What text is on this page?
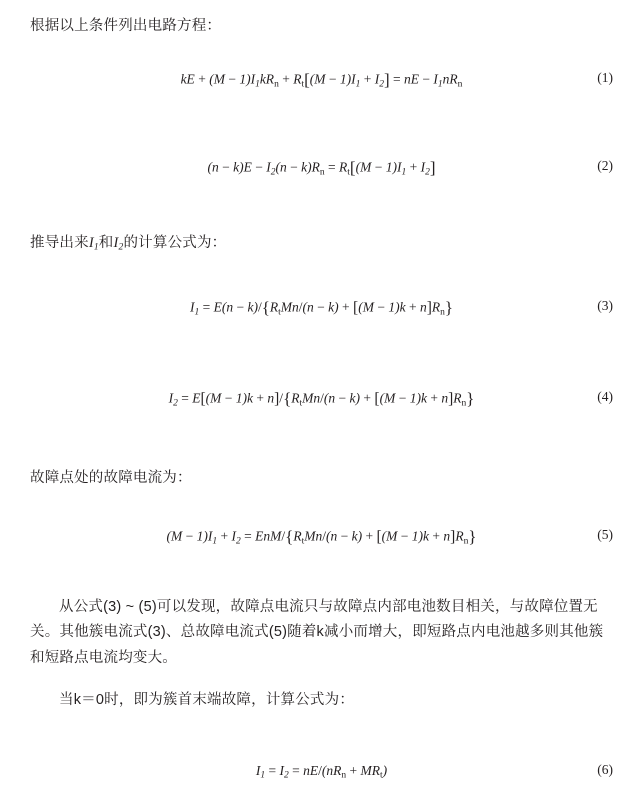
根据以上条件列出电路方程：
kE + $(M - 1)I_1kRn + Rt[(M - 1)I_1 + I_2]$ = nE − $I_1nRn$	(1)
$(n - k)E - I_2(n - k)Rn = Rt[(M - 1)I_1 + I_2]$	(2)
推导出来$I_1$和$I_2$的计算公式为：
$I_1 = E(n$ − k)/{RtMn/(n − k) + [(M − 1)k + n]Rn}	(3)
$I_2 = E[(M - 1)k$ + n]/{RtMn/(n − k) + [(M − 1)k + n]Rn}	(4)
故障点处的故障电流为：
$(M - 1)I_1 + I_2$ = EnM/{RtMn/(n − k) + [(M − 1)k + n]Rn}	(5)
从公式(3) ~ (5)可以发现，故障点电流只与故障点内部电池数目相关，与故障位置无关。其他簇电流式(3)、总故障电流式(5)随着k减小而增大，即短路点内电池越多则其他簇和短路点电流均变大。
当k＝0时，即为簇首末端故障，计算公式为：
$I_1 = I_2 = nE/(nRn + MRt)$	(6)
